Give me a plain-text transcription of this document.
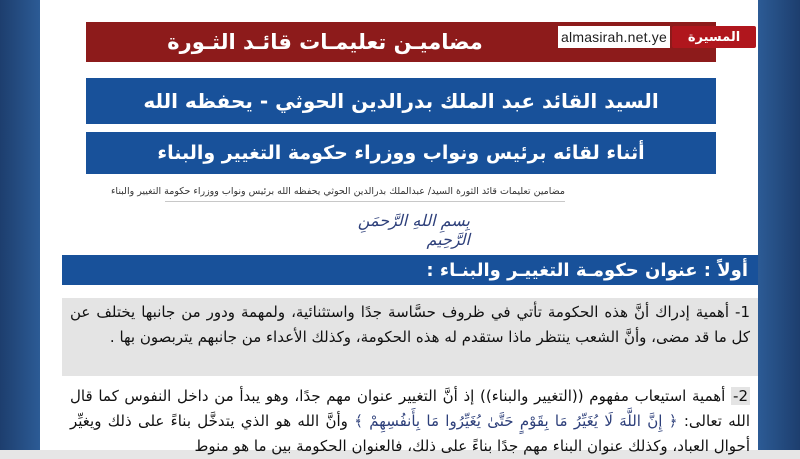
مضاميـن تعليمـات قائـد الثـورة	almasirah.net.ye	المسيرة
السيد القائد عبد الملك بدرالدين الحوثي - يحفظه الله
أثناء لقائه برئيس ونواب ووزراء حكومة التغيير والبناء
مضامين تعليمات قائد الثورة السيد/ عبدالملك بدرالدين الحوثي يحفظه الله برئيس ونواب ووزراء حكومة التغيير والبناء
بِسمِ اللهِ الرَّحمَنِ الرَّحِيم
أولاً : عنوان حكومـة التغييـر والبنـاء :
1- أهمية إدراك أنَّ هذه الحكومة تأتي في ظروف حسَّاسة جدًا واستثنائية، ولمهمة ودور من جانبها يختلف عن كل ما قد مضى، وأنَّ الشعب ينتظر ماذا ستقدم له هذه الحكومة، وكذلك الأعداء من جانبهم يتربصون بها .
2- أهمية استيعاب مفهوم ((التغيير والبناء)) إذ أنَّ التغيير عنوان مهم جدًا، وهو يبدأ من داخل النفوس كما قال الله تعالى: ﴿ إِنَّ اللَّهَ لَا يُغَيِّرُ مَا بِقَوْمٍ حَتَّىٰ يُغَيِّرُوا مَا بِأَنفُسِهِمْ ﴾ وأنَّ الله هو الذي يتدخَّل بناءً على ذلك ويغيِّر أحوال العباد، وكذلك عنوان البناء مهم جدًا بناءً على ذلك، فالعنوان الحكومة بين ما هو منوط
